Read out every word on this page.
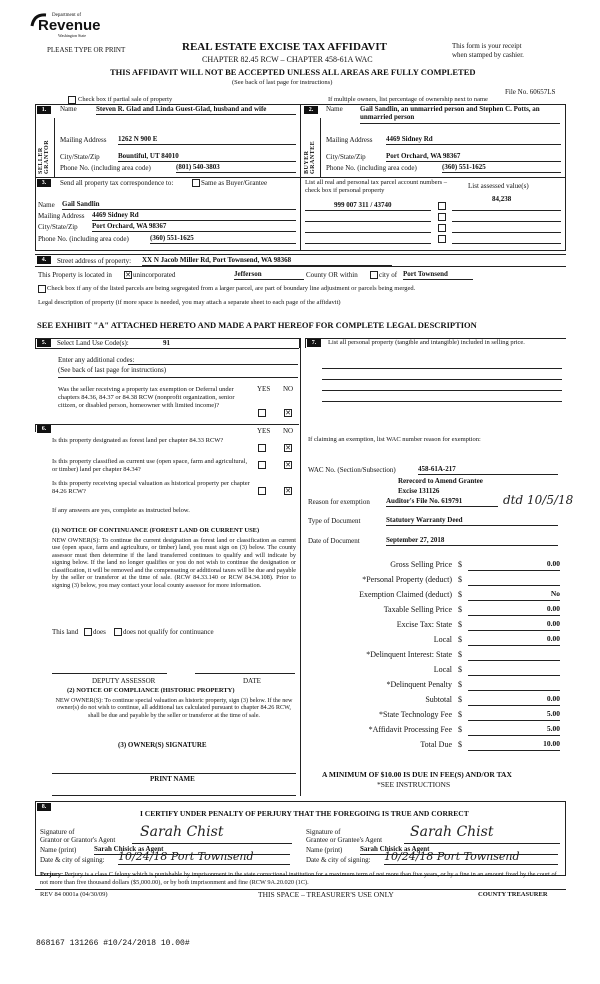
Department of
Revenue
Washington State
PLEASE TYPE OR PRINT	REAL ESTATE EXCISE TAX AFFIDAVIT
CHAPTER 82.45 RCW – CHAPTER 458-61A WAC
This form is your receipt
when stamped by cashier.
THIS AFFIDAVIT WILL NOT BE ACCEPTED UNLESS ALL AREAS ARE FULLY COMPLETED
(See back of last page for instructions)
File No. 60657LS
Check box if partial sale of property	If multiple owners, list percentage of ownership next to name
1.
SELLER GRANTOR
Name	Steven R. Glad and Linda Guest-Glad, husband and wife
Mailing Address 1262 N 900 E
City/State/Zip	Bountiful, UT 84010
Phone No. (including area code)	(801) 540-3803
2.
BUYER GRANTEE
Name Gail Sandlin, an unmarried person and Stephen C. Potts, an unmarried person
Mailing Address 4469 Sidney Rd
City/State/Zip	Port Orchard, WA 98367
Phone No. (including area code)	(360) 551-1625
3.	Send all property tax correspondence to:	Same as Buyer/Grantee
Name Gail Sandlin
Mailing Address 4469 Sidney Rd
City/State/Zip Port Orchard, WA 98367
Phone No. (including area code)	(360) 551-1625
List all real and personal tax parcel account numbers – check box if personal property
List assessed value(s)
999 007 311 / 43740
84,238
4.	Street address of property: XX N Jacob Miller Rd, Port Townsend, WA 98368
This Property is located in ✕ unincorporated	Jefferson	County OR within	city of Port Townsend
Check box if any of the listed parcels are being segregated from a larger parcel, are part of boundary line adjustment or parcels being merged.
Legal description of property (if more space is needed, you may attach a separate sheet to each page of the affidavit)
SEE EXHIBIT "A" ATTACHED HERETO AND MADE A PART HEREOF FOR COMPLETE LEGAL DESCRIPTION
5.	Select Land Use Code(s):	91
Enter any additional codes:
(See back of last page for instructions)
YES NO
Was the seller receiving a property tax exemption or Deferral under chapters 84.36, 84.37 or 84.38 RCW (nonprofit organization, senior citizen, or disabled person, homeowner with limited income)?
✕
6.	YES NO
Is this property designated as forest land per chapter 84.33 RCW?
✕
Is this property classified as current use (open space, farm and agricultural, or timber) land per chapter 84.34?
✕
Is this property receiving special valuation as historical property per chapter 84.26 RCW?	✕
If any answers are yes, complete as instructed below.
(1) NOTICE OF CONTINUANCE (FOREST LAND OR CURRENT USE)
NEW OWNER(S): To continue the current designation as forest land or classification as current use (open space, farm and agriculture, or timber) land, you must sign on (3) below. The county assessor must then determine if the land transferred continues to qualify and will indicate by signing below. If the land no longer qualifies or you do not wish to continue the designation or classification, it will be removed and the compensating or additional taxes will be due and payable by the seller or transferor at the time of sale. (RCW 84.33.140 or RCW 84.34.108). Prior to signing (3) below, you may contact your local county assessor for more information.
This land does does not qualify for continuance
DEPUTY ASSESSOR	DATE
(2) NOTICE OF COMPLIANCE (HISTORIC PROPERTY)
NEW OWNER(S): To continue special valuation as historic property, sign (3) below. If the new owner(s) do not wish to continue, all additional tax calculated pursuant to chapter 84.26 RCW, shall be due and payable by the seller or transferor at the time of sale.
(3) OWNER(S) SIGNATURE
PRINT NAME
7.	List all personal property (tangible and intangible) included in selling price.
If claiming an exemption, list WAC number reason for exemption:
WAC No. (Section/Subsection)	458-61A-217
Rerecord to Amend Grantee
Excise 131126
Reason for exemption Auditor's File No. 619791	dtd 10/5/18
Type of Document	Statutory Warranty Deed
Date of Document	September 27, 2018
Gross Selling Price $	0.00
*Personal Property (deduct) $
Exemption Claimed (deduct) $	No
Taxable Selling Price $	0.00
Excise Tax: State $	0.00
Local $	0.00
*Delinquent Interest: State $
Local $
*Delinquent Penalty $
Subtotal $	0.00
*State Technology Fee $	5.00
*Affidavit Processing Fee $	5.00
Total Due $	10.00
A MINIMUM OF $10.00 IS DUE IN FEE(S) AND/OR TAX
*SEE INSTRUCTIONS
8.
I CERTIFY UNDER PENALTY OF PERJURY THAT THE FOREGOING IS TRUE AND CORRECT
Signature of
Grantor or Grantor's Agent Sarah Chist
Name (print)	Sarah Chisick as Agent
Date & city of signing: 10/24/18 Port Townsend
Signature of
Grantee or Grantee's Agent Sarah Chist
Name (print)	Sarah Chisick as Agent
Date & city of signing: 10/24/18 Port Townsend
Perjury: Perjury is a class C felony which is punishable by imprisonment in the state correctional institution for a maximum term of not more than five years, or by a fine in an amount fixed by the court of not more than five thousand dollars ($5,000.00), or by both imprisonment and fine (RCW 9A.20.020 (1C).
REV 84 0001a (04/30/09)	THIS SPACE – TREASURER'S USE ONLY	COUNTY TREASURER
868167 131266 #10/24/2018 10.00#
